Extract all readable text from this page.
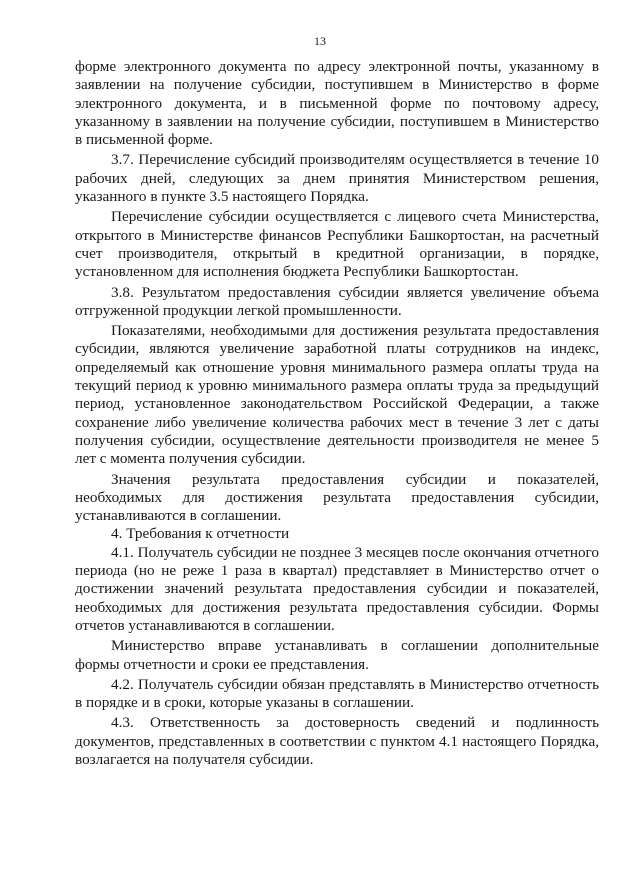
13

форме электронного документа по адресу электронной почты, указанному в заявлении на получение субсидии, поступившем в Министерство в форме электронного документа, и в письменной форме по почтовому адресу, указанному в заявлении на получение субсидии, поступившем в Министерство в письменной форме.

3.7. Перечисление субсидий производителям осуществляется в течение 10 рабочих дней, следующих за днем принятия Министерством решения, указанного в пункте 3.5 настоящего Порядка.

Перечисление субсидии осуществляется с лицевого счета Министерства, открытого в Министерстве финансов Республики Башкортостан, на расчетный счет производителя, открытый в кредитной организации, в порядке, установленном для исполнения бюджета Республики Башкортостан.

3.8. Результатом предоставления субсидии является увеличение объема отгруженной продукции легкой промышленности.

Показателями, необходимыми для достижения результата предоставления субсидии, являются увеличение заработной платы сотрудников на индекс, определяемый как отношение уровня минимального размера оплаты труда на текущий период к уровню минимального размера оплаты труда за предыдущий период, установленное законодательством Российской Федерации, а также сохранение либо увеличение количества рабочих мест в течение 3 лет с даты получения субсидии, осуществление деятельности производителя не менее 5 лет с момента получения субсидии.

Значения результата предоставления субсидии и показателей, необходимых для достижения результата предоставления субсидии, устанавливаются в соглашении.

4. Требования к отчетности

4.1. Получатель субсидии не позднее 3 месяцев после окончания отчетного периода (но не реже 1 раза в квартал) представляет в Министерство отчет о достижении значений результата предоставления субсидии и показателей, необходимых для достижения результата предоставления субсидии. Формы отчетов устанавливаются в соглашении.

Министерство вправе устанавливать в соглашении дополнительные формы отчетности и сроки ее представления.

4.2. Получатель субсидии обязан представлять в Министерство отчетность в порядке и в сроки, которые указаны в соглашении.

4.3. Ответственность за достоверность сведений и подлинность документов, представленных в соответствии с пунктом 4.1 настоящего Порядка, возлагается на получателя субсидии.
